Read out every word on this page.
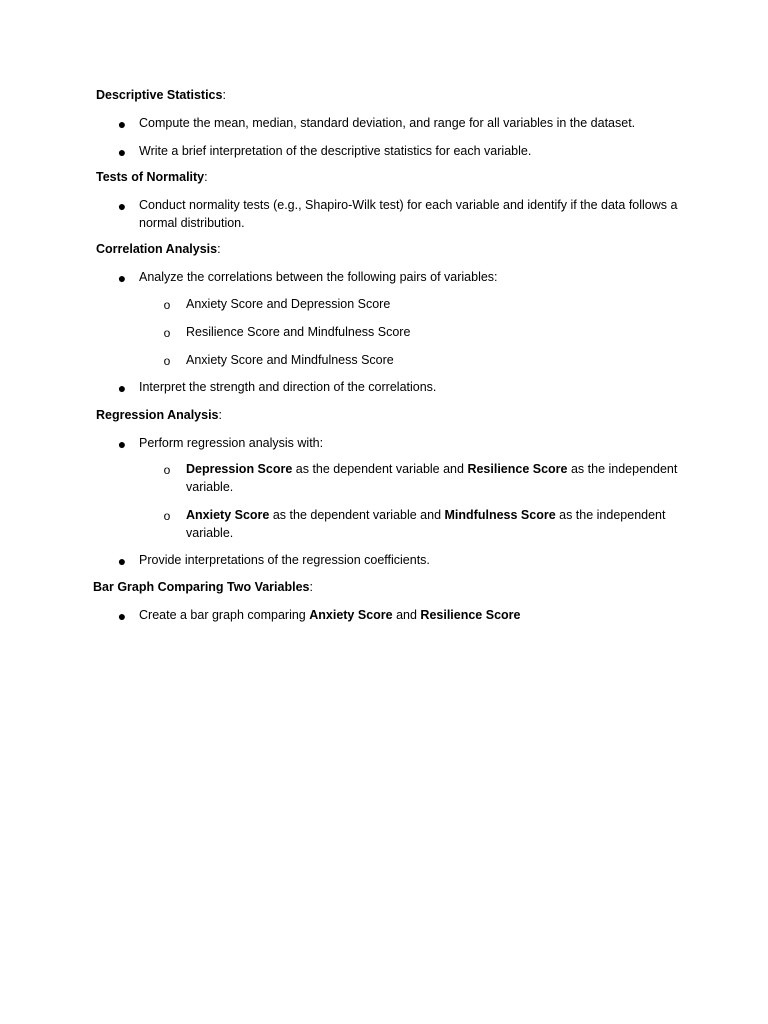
Descriptive Statistics:
● Compute the mean, median, standard deviation, and range for all variables in the dataset.
● Write a brief interpretation of the descriptive statistics for each variable.
Tests of Normality:
● Conduct normality tests (e.g., Shapiro-Wilk test) for each variable and identify if the data follows a normal distribution.
Correlation Analysis:
● Analyze the correlations between the following pairs of variables:
o Anxiety Score and Depression Score
o Resilience Score and Mindfulness Score
o Anxiety Score and Mindfulness Score
● Interpret the strength and direction of the correlations.
Regression Analysis:
● Perform regression analysis with:
o Depression Score as the dependent variable and Resilience Score as the independent variable.
o Anxiety Score as the dependent variable and Mindfulness Score as the independent variable.
● Provide interpretations of the regression coefficients.
Bar Graph Comparing Two Variables:
● Create a bar graph comparing Anxiety Score and Resilience Score
